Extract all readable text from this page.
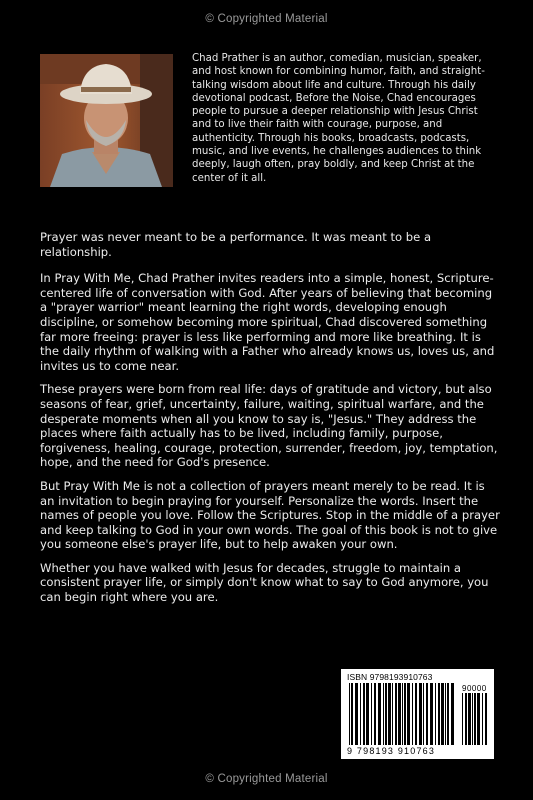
© Copyrighted Material

Chad Prather is an author, comedian, musician, speaker, and host known for combining humor, faith, and straight-talking wisdom about life and culture. Through his daily devotional podcast, Before the Noise, Chad encourages people to pursue a deeper relationship with Jesus Christ and to live their faith with courage, purpose, and authenticity. Through his books, broadcasts, podcasts, music, and live events, he challenges audiences to think deeply, laugh often, pray boldly, and keep Christ at the center of it all.

Prayer was never meant to be a performance. It was meant to be a relationship.

In Pray With Me, Chad Prather invites readers into a simple, honest, Scripture-centered life of conversation with God. After years of believing that becoming a "prayer warrior" meant learning the right words, developing enough discipline, or somehow becoming more spiritual, Chad discovered something far more freeing: prayer is less like performing and more like breathing. It is the daily rhythm of walking with a Father who already knows us, loves us, and invites us to come near.

These prayers were born from real life: days of gratitude and victory, but also seasons of fear, grief, uncertainty, failure, waiting, spiritual warfare, and the desperate moments when all you know to say is, "Jesus." They address the places where faith actually has to be lived, including family, purpose, forgiveness, healing, courage, protection, surrender, freedom, joy, temptation, hope, and the need for God's presence.

But Pray With Me is not a collection of prayers meant merely to be read. It is an invitation to begin praying for yourself. Personalize the words. Insert the names of people you love. Follow the Scriptures. Stop in the middle of a prayer and keep talking to God in your own words. The goal of this book is not to give you someone else's prayer life, but to help awaken your own.

Whether you have walked with Jesus for decades, struggle to maintain a consistent prayer life, or simply don't know what to say to God anymore, you can begin right where you are.

ISBN 9798193910763
90000
9 798193 910763
© Copyrighted Material
